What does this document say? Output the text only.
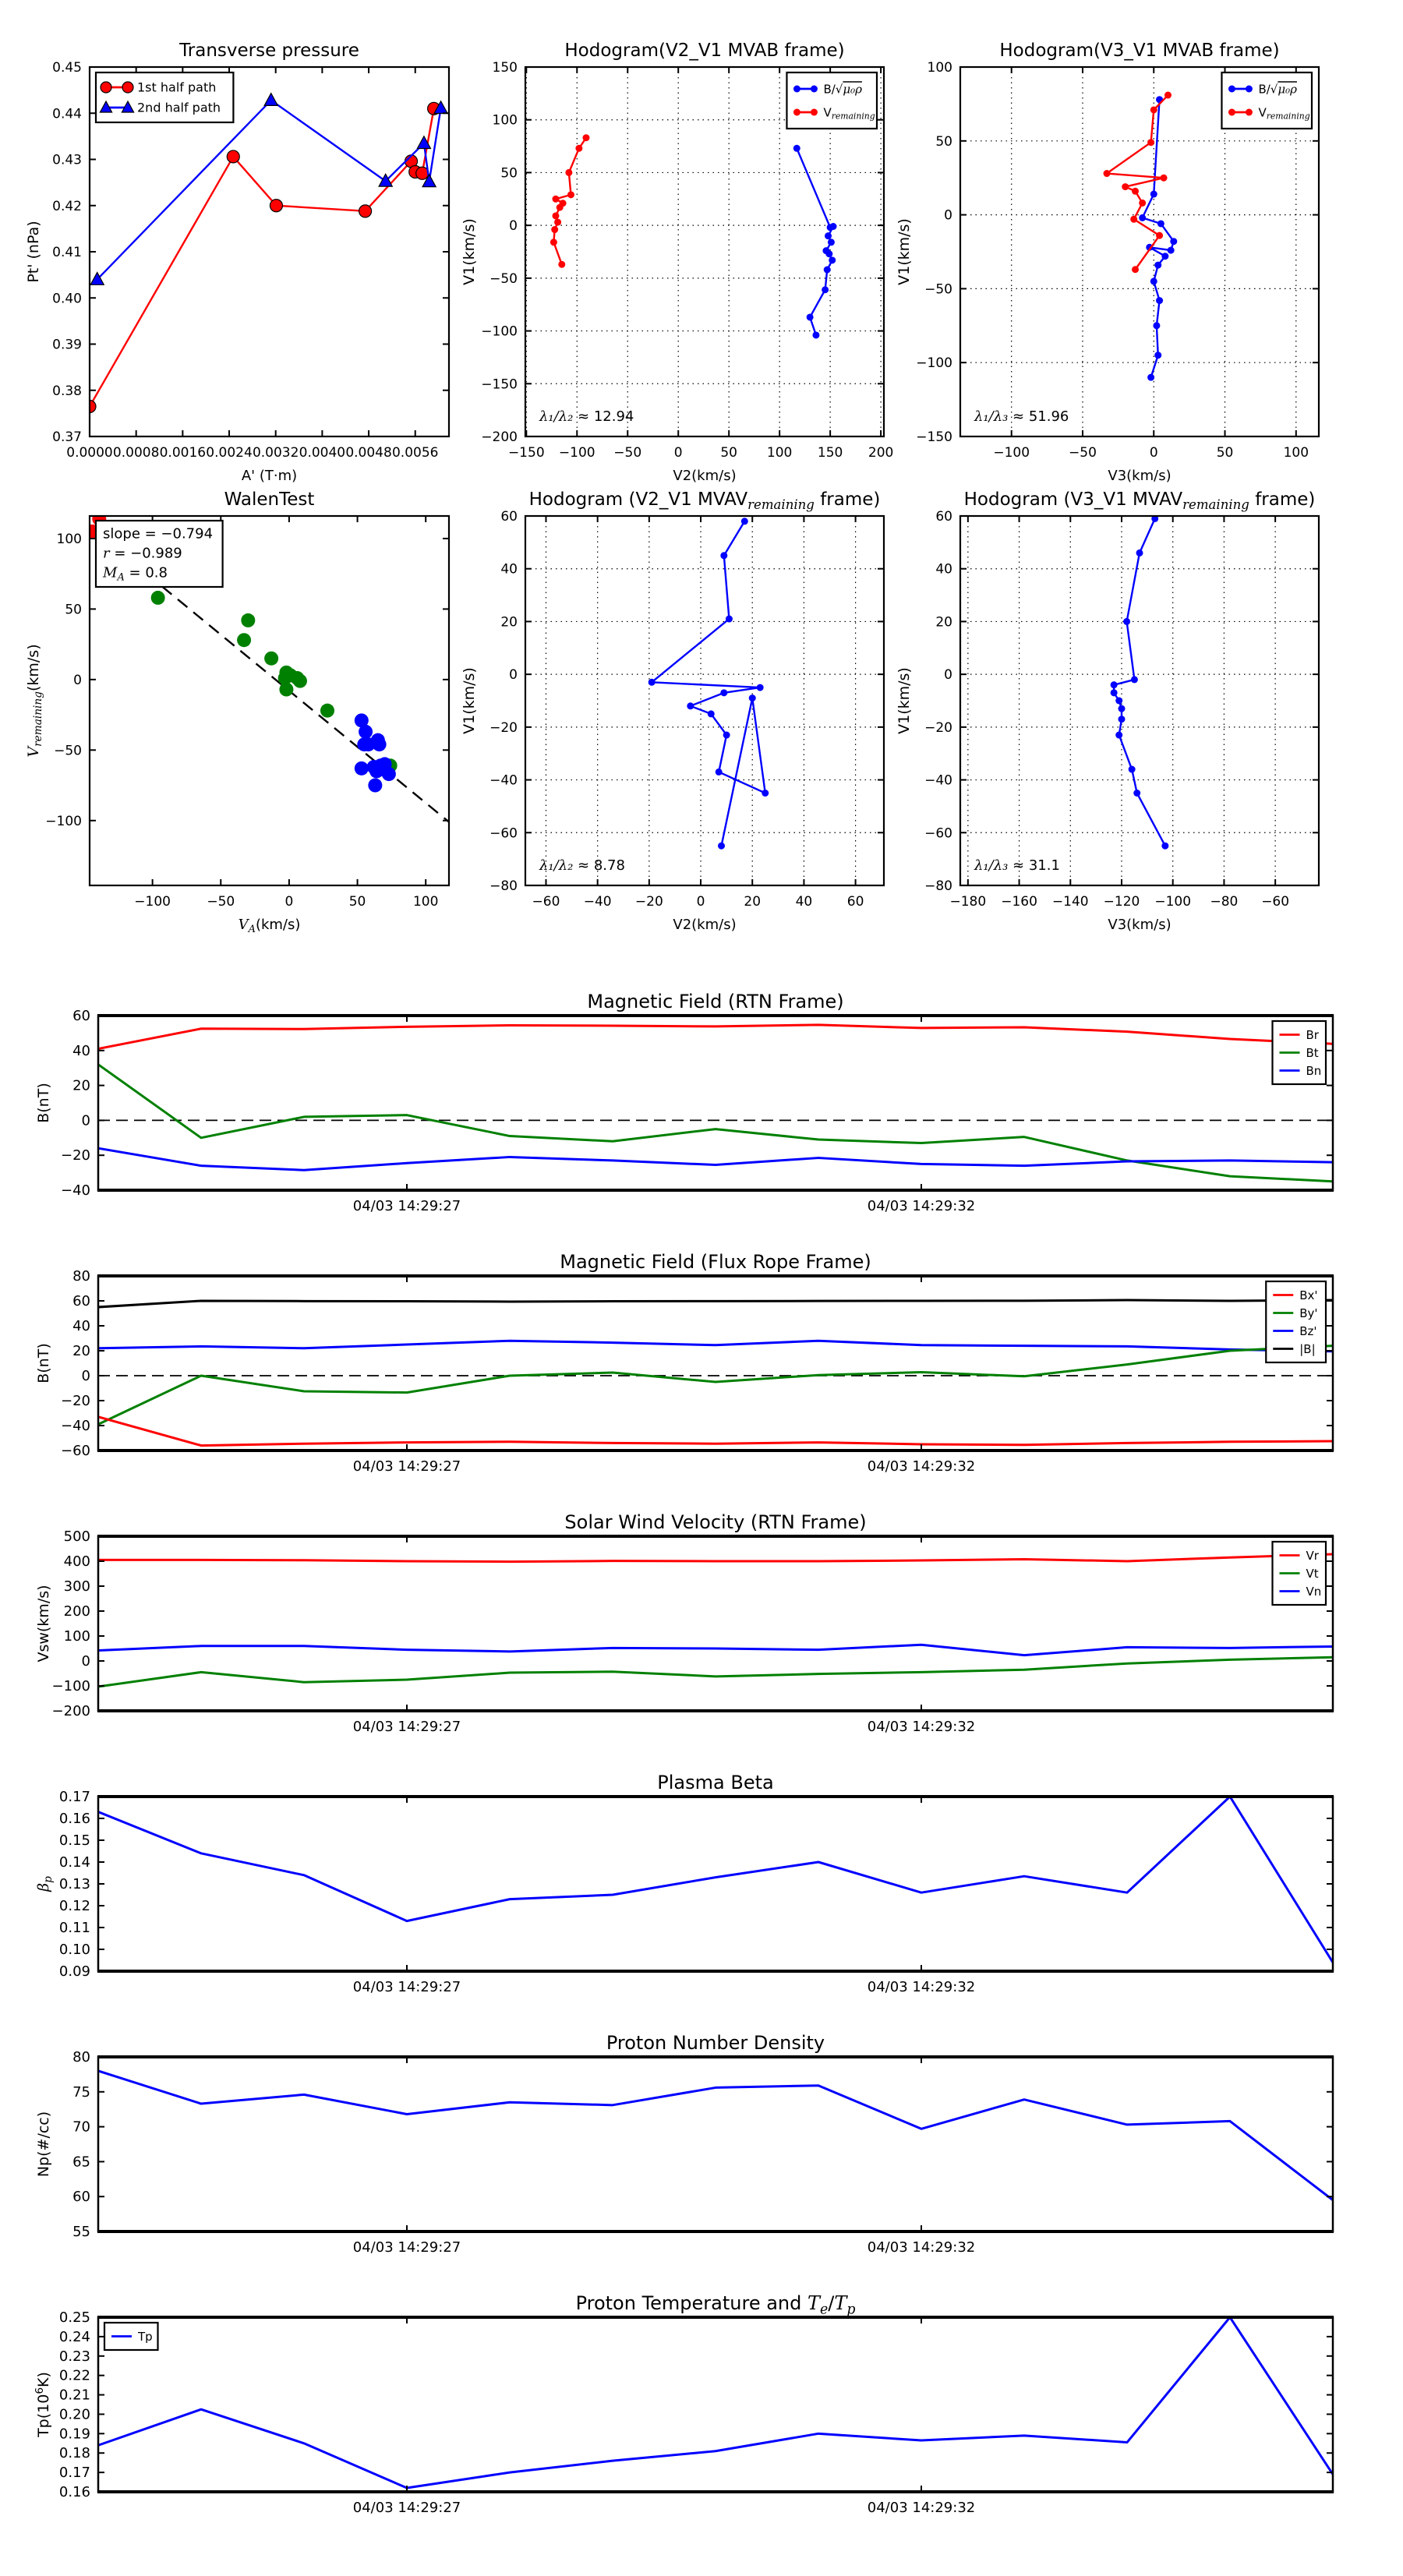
0.0000 0.0008 0.0016 0.0024 0.0032 0.0040 0.0048 0.0056
0.37
0.38
0.39
0.40
0.41
0.42
0.43
0.44
0.45
Transverse pressure
A' (T·m)
Pt' (nPa)
1st half path
2nd half path
−150 −100 −50 0	50 100 150 200
−200
−150
−100
−50
0
50
100
150
Hodogram(V2_V1 MVAB frame)
V2(km/s)
V1(km/s)
λ₁/λ₂ ≈ 12.94
B/√μ₀ρ
$V_{remaining}$
−100	−50	0	50	100
−150
−100
−50
0
50
100
Hodogram(V3_V1 MVAB frame)
V3(km/s)
V1(km/s)
λ₁/λ₃ ≈ 51.96
B/√μ₀ρ
$V_{remaining}$
−100	−50	0	50	100
−100
−50
0
50
100
WalenTest
$V_A(km/s)$
$V_{remaining}(km/s)$
slope = −0.794
r = −0.989
$M_A = 0.8$
−60 −40 −20	0	20	40	60
−80
−60
−40
−20
0
20
40
60
Hodogram (V2_V1 $MVAV_{remaining}$ frame)
V2(km/s)
V1(km/s)
λ₁/λ₂ ≈ 8.78
−180 −160 −140 −120 −100 −80 −60
−80
−60
−40
−20
0
20
40
60
Hodogram (V3_V1 $MVAV_{remaining}$ frame)
V3(km/s)
V1(km/s)
λ₁/λ₃ ≈ 31.1
04/03 14:29:27	04/03 14:29:32
−40
−20
0
20
40
60
Magnetic Field (RTN Frame)
B(nT)
Br
Bt
Bn
04/03 14:29:27	04/03 14:29:32
−60
−40
−20
0
20
40
60
80
Magnetic Field (Flux Rope Frame)
B(nT)
Bx'
By'
Bz'
|B|
04/03 14:29:27	04/03 14:29:32
−200
−100
0
100
200
300
400
500
Solar Wind Velocity (RTN Frame)
Vsw(km/s)
Vr
Vt
Vn
04/03 14:29:27	04/03 14:29:32
0.09
0.10
0.11
0.12
0.13
0.14
0.15
0.16
0.17
Plasma Beta
$\beta_p$
04/03 14:29:27	04/03 14:29:32
55
60
65
70
75
80
Proton Number Density
Np(#/cc)
04/03 14:29:27	04/03 14:29:32
0.16
0.17
0.18
0.19
0.20
0.21
0.22
0.23
0.24
0.25
Proton Temperature and $T_e/T_p$
$Tp(10^6K)$
Tp
